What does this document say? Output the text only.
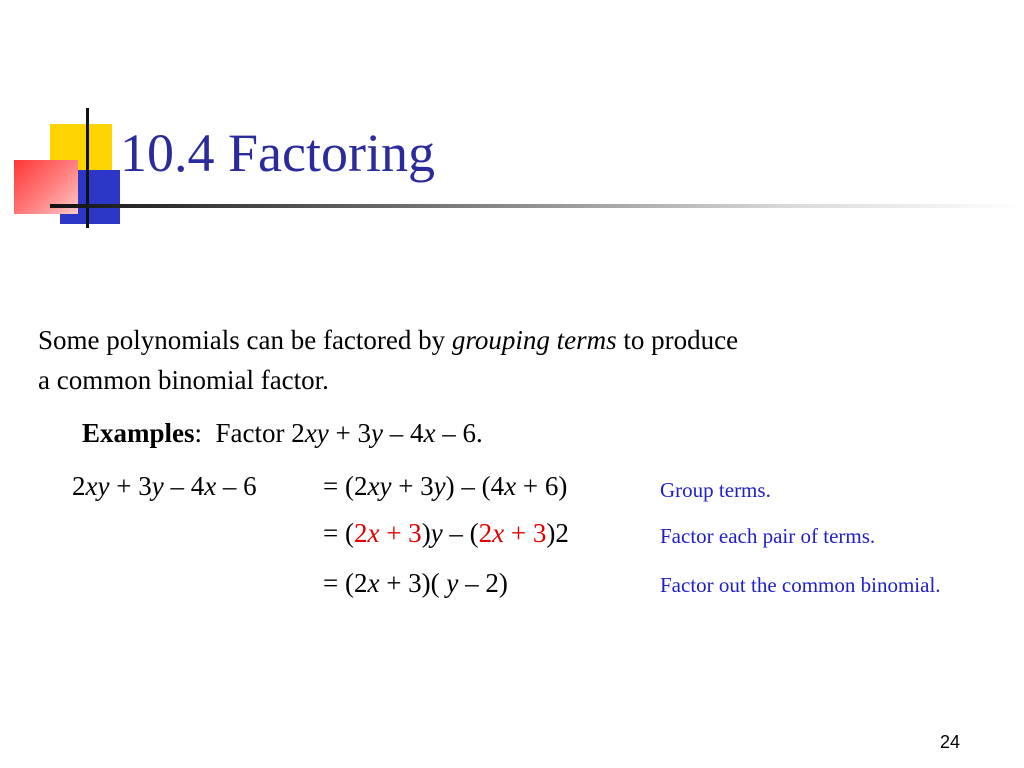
10.4 Factoring
Some polynomials can be factored by grouping terms to produce
a common binomial factor.
Examples: Factor 2xy + 3y – 4x – 6.
2xy + 3y – 4x – 6 = (2xy + 3y) – (4x + 6)
= (2x + 3)y – (2x + 3)2
= (2x + 3)( y – 2)
Group terms.
Factor each pair of terms.
Factor out the common binomial.
24
